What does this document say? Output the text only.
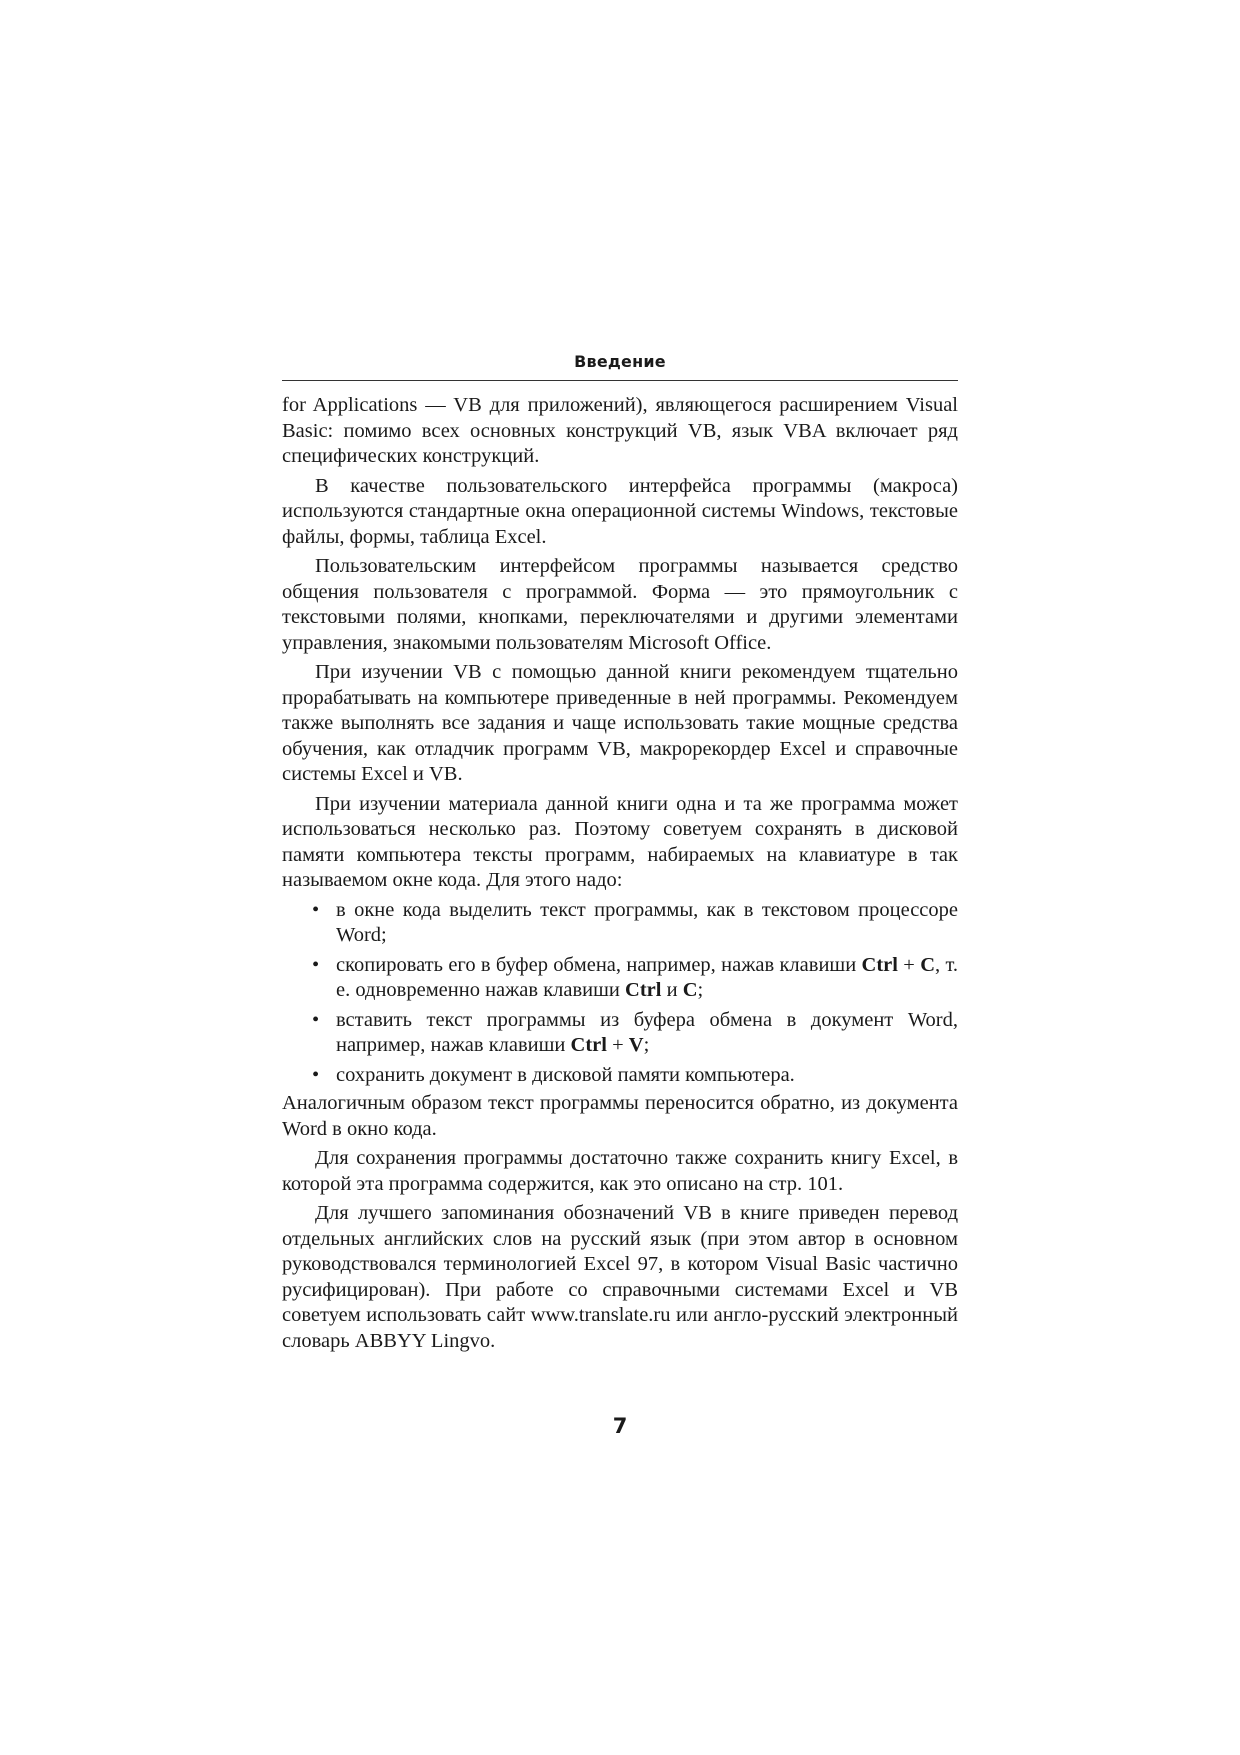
Введение

for Applications — VB для приложений), являющегося расширением Visual Basic: помимо всех основных конструкций VB, язык VBA включает ряд специфических конструкций.

В качестве пользовательского интерфейса программы (макроса) используются стандартные окна операционной системы Windows, текстовые файлы, формы, таблица Excel.

Пользовательским интерфейсом программы называется средство общения пользователя с программой. Форма — это прямоугольник с текстовыми полями, кнопками, переключателями и другими элементами управления, знакомыми пользователям Microsoft Office.

При изучении VB с помощью данной книги рекомендуем тщательно прорабатывать на компьютере приведенные в ней программы. Рекомендуем также выполнять все задания и чаще использовать такие мощные средства обучения, как отладчик программ VB, макрорекордер Excel и справочные системы Excel и VB.

При изучении материала данной книги одна и та же программа может использоваться несколько раз. Поэтому советуем сохранять в дисковой памяти компьютера тексты программ, набираемых на клавиатуре в так называемом окне кода. Для этого надо:

• в окне кода выделить текст программы, как в текстовом процессоре Word;
• скопировать его в буфер обмена, например, нажав клавиши Ctrl + C, т. е. одновременно нажав клавиши Ctrl и C;
• вставить текст программы из буфера обмена в документ Word, например, нажав клавиши Ctrl + V;
• сохранить документ в дисковой памяти компьютера.

Аналогичным образом текст программы переносится обратно, из документа Word в окно кода.

Для сохранения программы достаточно также сохранить книгу Excel, в которой эта программа содержится, как это описано на стр. 101.

Для лучшего запоминания обозначений VB в книге приведен перевод отдельных английских слов на русский язык (при этом автор в основном руководствовался терминологией Excel 97, в котором Visual Basic частично русифицирован). При работе со справочными системами Excel и VB советуем использовать сайт www.translate.ru или англо-русский электронный словарь ABBYY Lingvo.

7
